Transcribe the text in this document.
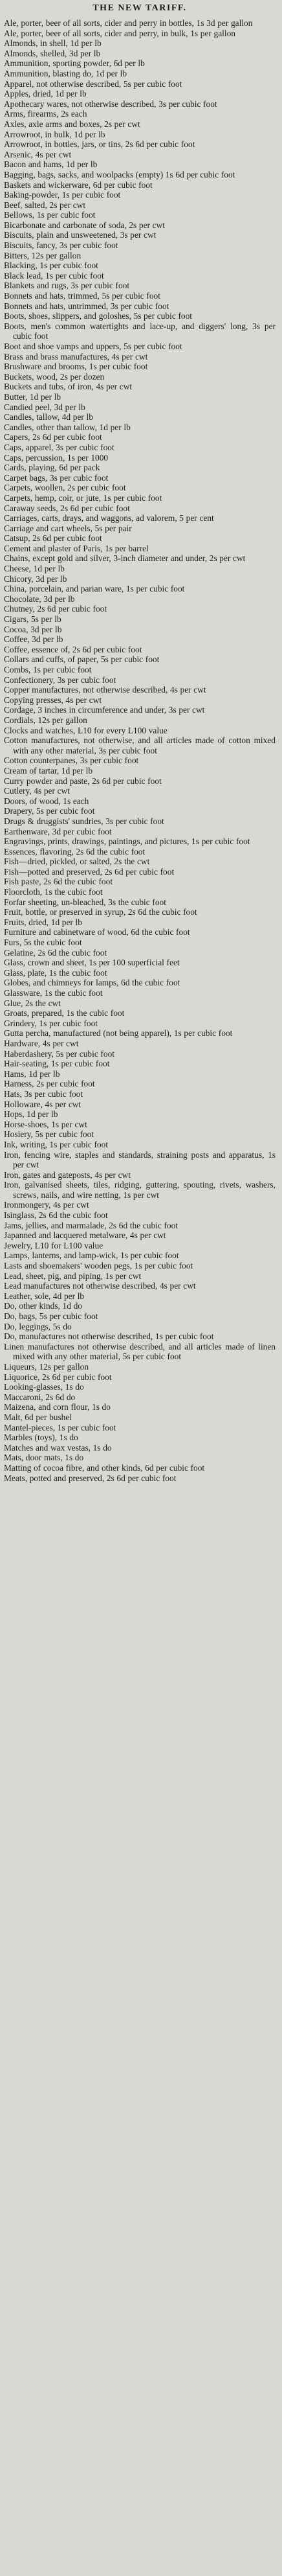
THE NEW TARIFF.
Ale, porter, beer of all sorts, cider and perry in bottles, 1s 3d per gallon
Ale, porter, beer of all sorts, cider and perry, in bulk, 1s per gallon
Almonds, in shell, 1d per lb
Almonds, shelled, 3d per lb
Ammunition, sporting powder, 6d per lb
Ammunition, blasting do, 1d per lb
Apparel, not otherwise described, 5s per cubic foot
Apples, dried, 1d per lb
Apothecary wares, not otherwise described, 3s per cubic foot
Arms, firearms, 2s each
Axles, axle arms and boxes, 2s per cwt
Arrowroot, in bulk, 1d per lb
Arrowroot, in bottles, jars, or tins, 2s 6d per cubic foot
Arsenic, 4s per cwt
Bacon and hams, 1d per lb
Bagging, bags, sacks, and woolpacks (empty) 1s 6d per cubic foot
Baskets and wickerware, 6d per cubic foot
Baking-powder, 1s per cubic foot
Beef, salted, 2s per cwt
Bellows, 1s per cubic foot
Bicarbonate and carbonate of soda, 2s per cwt
Biscuits, plain and unsweetened, 3s per cwt
Biscuits, fancy, 3s per cubic foot
Bitters, 12s per gallon
Blacking, 1s per cubic foot
Black lead, 1s per cubic foot
Blankets and rugs, 3s per cubic foot
Bonnets and hats, trimmed, 5s per cubic foot
Bonnets and hats, untrimmed, 3s per cubic foot
Boots, shoes, slippers, and goloshes, 5s per cubic foot
Boots, men's common watertights and lace-up, and diggers' long, 3s per cubic foot
Boot and shoe vamps and uppers, 5s per cubic foot
Brass and brass manufactures, 4s per cwt
Brushware and brooms, 1s per cubic foot
Buckets, wood, 2s per dozen
Buckets and tubs, of iron, 4s per cwt
Butter, 1d per lb
Candied peel, 3d per lb
Candles, tallow, 4d per lb
Candles, other than tallow, 1d per lb
Capers, 2s 6d per cubic foot
Caps, apparel, 3s per cubic foot
Caps, percussion, 1s per 1000
Cards, playing, 6d per pack
Carpet bags, 3s per cubic foot
Carpets, woollen, 2s per cubic foot
Carpets, hemp, coir, or jute, 1s per cubic foot
Caraway seeds, 2s 6d per cubic foot
Carriages, carts, drays, and waggons, ad valorem, 5 per cent
Carriage and cart wheels, 5s per pair
Catsup, 2s 6d per cubic foot
Cement and plaster of Paris, 1s per barrel
Chains, except gold and silver, 3-inch diameter and under, 2s per cwt
Cheese, 1d per lb
Chicory, 3d per lb
China, porcelain, and parian ware, 1s per cubic foot
Chocolate, 3d per lb
Chutney, 2s 6d per cubic foot
Cigars, 5s per lb
Cocoa, 3d per lb
Coffee, 3d per lb
Coffee, essence of, 2s 6d per cubic foot
Collars and cuffs, of paper, 5s per cubic foot
Combs, 1s per cubic foot
Confectionery, 3s per cubic foot
Copper manufactures, not otherwise described, 4s per cwt
Copying presses, 4s per cwt
Cordage, 3 inches in circumference and under, 3s per cwt
Cordials, 12s per gallon
Clocks and watches, L10 for every L100 value
Cotton manufactures, not otherwise, and all articles made of cotton mixed with any other material, 3s per cubic foot
Cotton counterpanes, 3s per cubic foot
Cream of tartar, 1d per lb
Curry powder and paste, 2s 6d per cubic foot
Cutlery, 4s per cwt
Doors, of wood, 1s each
Drapery, 5s per cubic foot
Drugs & druggists' sundries, 3s per cubic foot
Earthenware, 3d per cubic foot
Engravings, prints, drawings, paintings, and pictures, 1s per cubic foot
Essences, flavoring, 2s 6d the cubic foot
Fish—dried, pickled, or salted, 2s the cwt
Fish—potted and preserved, 2s 6d per cubic foot
Fish paste, 2s 6d the cubic foot
Floorcloth, 1s the cubic foot
Forfar sheeting, un-bleached, 3s the cubic foot
Fruit, bottle, or preserved in syrup, 2s 6d the cubic foot
Fruits, dried, 1d per lb
Furniture and cabinetware of wood, 6d the cubic foot
Furs, 5s the cubic foot
Gelatine, 2s 6d the cubic foot
Glass, crown and sheet, 1s per 100 superficial feet
Glass, plate, 1s the cubic foot
Globes, and chimneys for lamps, 6d the cubic foot
Glassware, 1s the cubic foot
Glue, 2s the cwt
Groats, prepared, 1s the cubic foot
Grindery, 1s per cubic foot
Gutta percha, manufactured (not being apparel), 1s per cubic foot
Hardware, 4s per cwt
Haberdashery, 5s per cubic foot
Hair-seating, 1s per cubic foot
Hams, 1d per lb
Harness, 2s per cubic foot
Hats, 3s per cubic foot
Holloware, 4s per cwt
Hops, 1d per lb
Horse-shoes, 1s per cwt
Hosiery, 5s per cubic foot
Ink, writing, 1s per cubic foot
Iron, fencing wire, staples and standards, straining posts and apparatus, 1s per cwt
Iron, gates and gateposts, 4s per cwt
Iron, galvanised sheets, tiles, ridging, guttering, spouting, rivets, washers, screws, nails, and wire netting, 1s per cwt
Ironmongery, 4s per cwt
Isinglass, 2s 6d the cubic foot
Jams, jellies, and marmalade, 2s 6d the cubic foot
Japanned and lacquered metalware, 4s per cwt
Jewelry, L10 for L100 value
Lamps, lanterns, and lamp-wick, 1s per cubic foot
Lasts and shoemakers' wooden pegs, 1s per cubic foot
Lead, sheet, pig, and piping, 1s per cwt
Lead manufactures not otherwise described, 4s per cwt
Leather, sole, 4d per lb
Do, other kinds, 1d do
Do, bags, 5s per cubic foot
Do, leggings, 5s do
Do, manufactures not otherwise described, 1s per cubic foot
Linen manufactures not otherwise described, and all articles made of linen mixed with any other material, 5s per cubic foot
Liqueurs, 12s per gallon
Liquorice, 2s 6d per cubic foot
Looking-glasses, 1s do
Maccaroni, 2s 6d do
Maizena, and corn flour, 1s do
Malt, 6d per bushel
Mantel-pieces, 1s per cubic foot
Marbles (toys), 1s do
Matches and wax vestas, 1s do
Mats, door mats, 1s do
Matting of cocoa fibre, and other kinds, 6d per cubic foot
Meats, potted and preserved, 2s 6d per cubic foot
